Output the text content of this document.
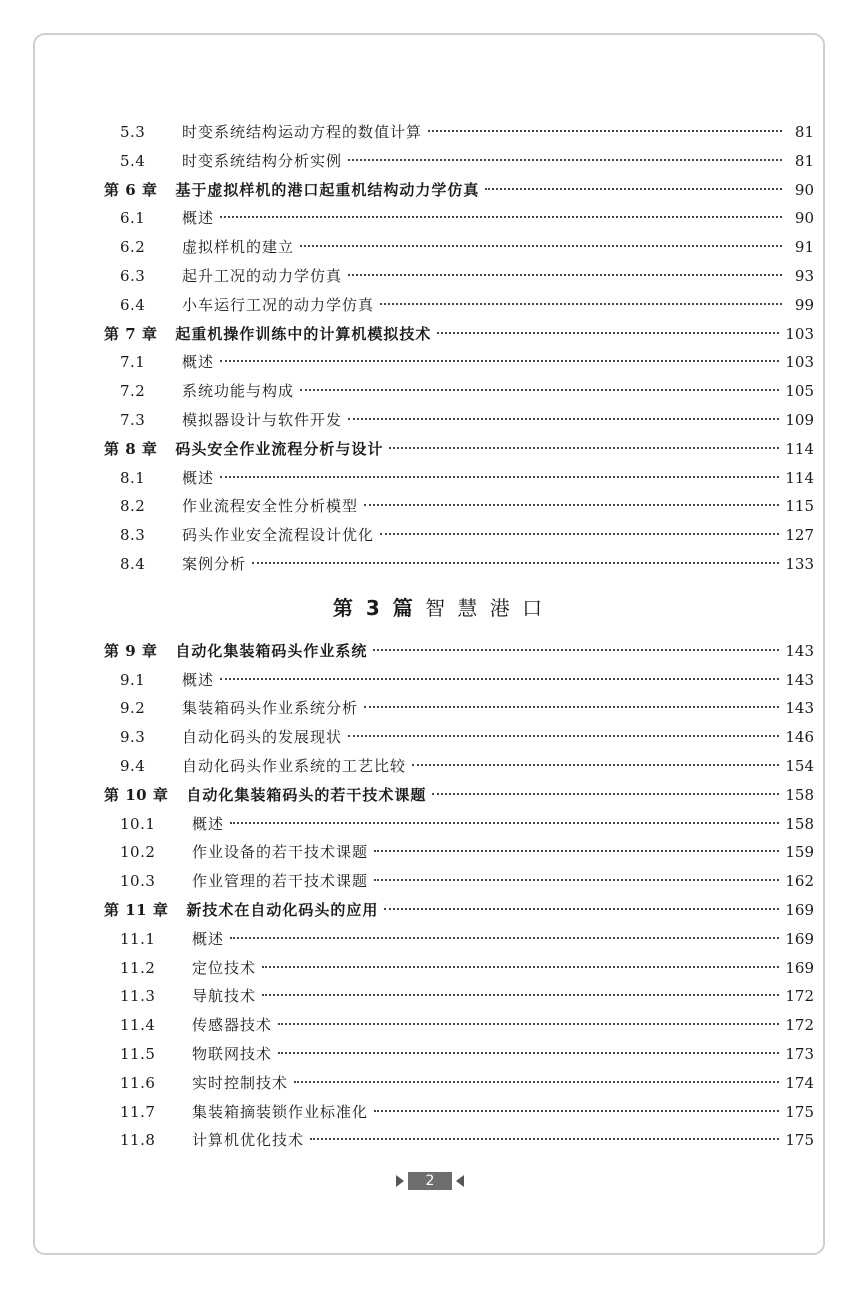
5.3	时变系统结构运动方程的数值计算	81
5.4	时变系统结构分析实例	81
第 6 章 基于虚拟样机的港口起重机结构动力学仿真	90
6.1	概述	90
6.2	虚拟样机的建立	91
6.3	起升工况的动力学仿真	93
6.4	小车运行工况的动力学仿真	99
第 7 章 起重机操作训练中的计算机模拟技术	103
7.1	概述	103
7.2	系统功能与构成	105
7.3	模拟器设计与软件开发	109
第 8 章 码头安全作业流程分析与设计	114
8.1	概述	114
8.2	作业流程安全性分析模型	115
8.3	码头作业安全流程设计优化	127
8.4	案例分析	133
第 3 篇 智 慧 港 口
第 9 章 自动化集装箱码头作业系统	143
9.1	概述	143
9.2	集装箱码头作业系统分析	143
9.3	自动化码头的发展现状	146
9.4	自动化码头作业系统的工艺比较	154
第 10 章 自动化集装箱码头的若干技术课题	158
10.1	概述	158
10.2	作业设备的若干技术课题	159
10.3	作业管理的若干技术课题	162
第 11 章 新技术在自动化码头的应用	169
11.1	概述	169
11.2	定位技术	169
11.3	导航技术	172
11.4	传感器技术	172
11.5	物联网技术	173
11.6	实时控制技术	174
11.7	集装箱摘装锁作业标准化	175
11.8	计算机优化技术	175
2
